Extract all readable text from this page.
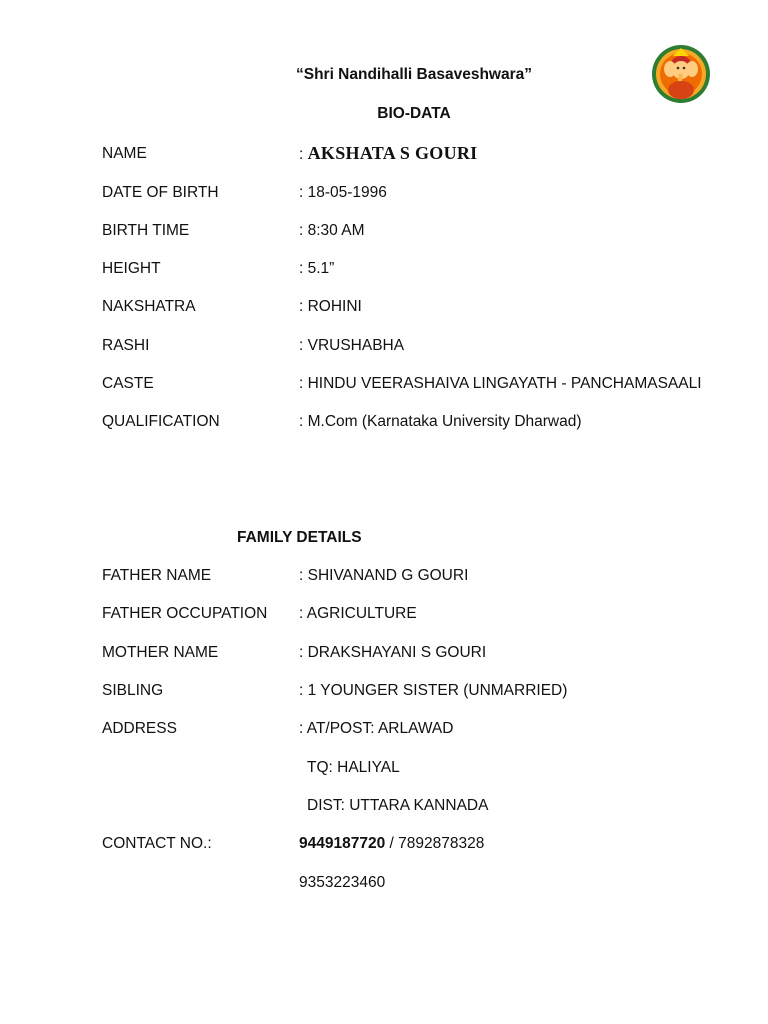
“Shri Nandihalli Basaveshwara”
BIO-DATA
NAME	: AKSHATA S GOURI
DATE OF BIRTH	: 18-05-1996
BIRTH TIME	: 8:30 AM
HEIGHT	: 5.1”
NAKSHATRA	: ROHINI
RASHI	: VRUSHABHA
CASTE	: HINDU VEERASHAIVA LINGAYATH - PANCHAMASAALI
QUALIFICATION	: M.Com (Karnataka University Dharwad)
FAMILY DETAILS
FATHER NAME	: SHIVANAND G GOURI
FATHER OCCUPATION : AGRICULTURE
MOTHER NAME	: DRAKSHAYANI S GOURI
SIBLING	: 1 YOUNGER SISTER (UNMARRIED)
ADDRESS	: AT/POST: ARLAWAD
TQ: HALIYAL
DIST: UTTARA KANNADA
CONTACT NO.:	9449187720 / 7892878328
9353223460
